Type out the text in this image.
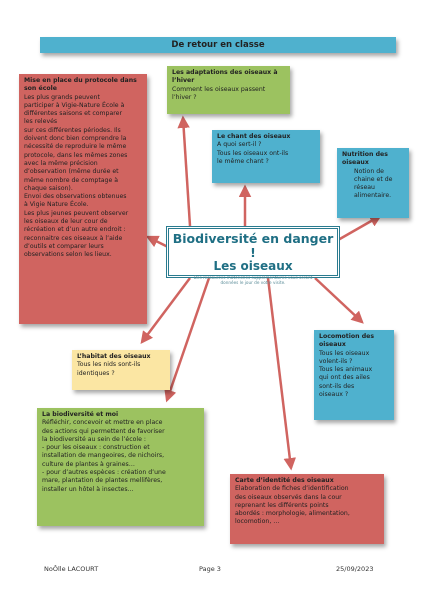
De retour en classe
Mise en place du protocole dans son école
Les plus grands peuvent
participer à Vigie-Nature École à
différentes saisons et comparer
les relevés
sur ces différentes périodes. Ils
doivent donc bien comprendre la
nécessité de reproduire le même
protocole, dans les mêmes zones
avec la même précision
d’observation (même durée et
même nombre de comptage à
chaque saison).
Envoi des observations obtenues
à Vigie Nature École.
Les plus jeunes peuvent observer
les oiseaux de leur cour de
récréation et d’un autre endroit :
reconnaitre ces oiseaux à l’aide
d’outils et comparer leurs
observations selon les lieux.
Les adaptations des oiseaux à l’hiver
Comment les oiseaux passent
l’hiver ?
Le chant des oiseaux
A quoi sert-il ?
Tous les oiseaux ont-ils
le même chant ?
Nutrition des oiseaux
Notion de
chaine et de
réseau
alimentaire.
Locomotion des oiseaux
Tous les oiseaux
volent-ils ?
Tous les animaux
qui ont des ailes
sont-ils des
oiseaux ?
L’habitat des oiseaux
Tous les nids sont-ils
identiques ?
La biodiversité et moi
Réfléchir, concevoir et mettre en place
des actions qui permettent de favoriser
la biodiversité au sein de l’école :
- pour les oiseaux : construction et
installation de mangeoires, de nichoirs,
culture de plantes à graines…
- pour d’autres espèces : création d’une
mare, plantation de plantes mellifères,
installer un hôtel à insectes…
Carte d’identité des oiseaux
Elaboration de fiches d’identification
des oiseaux observés dans la cour
reprenant les différents points
abordés : morphologie, alimentation,
locomotion, …
Biodiversité en danger !
Les oiseaux
Des ressources matérielles supplémentaires vous seront
données le jour de votre visite.
NoÔlle LACOURT	Page 3	25/09/2023
